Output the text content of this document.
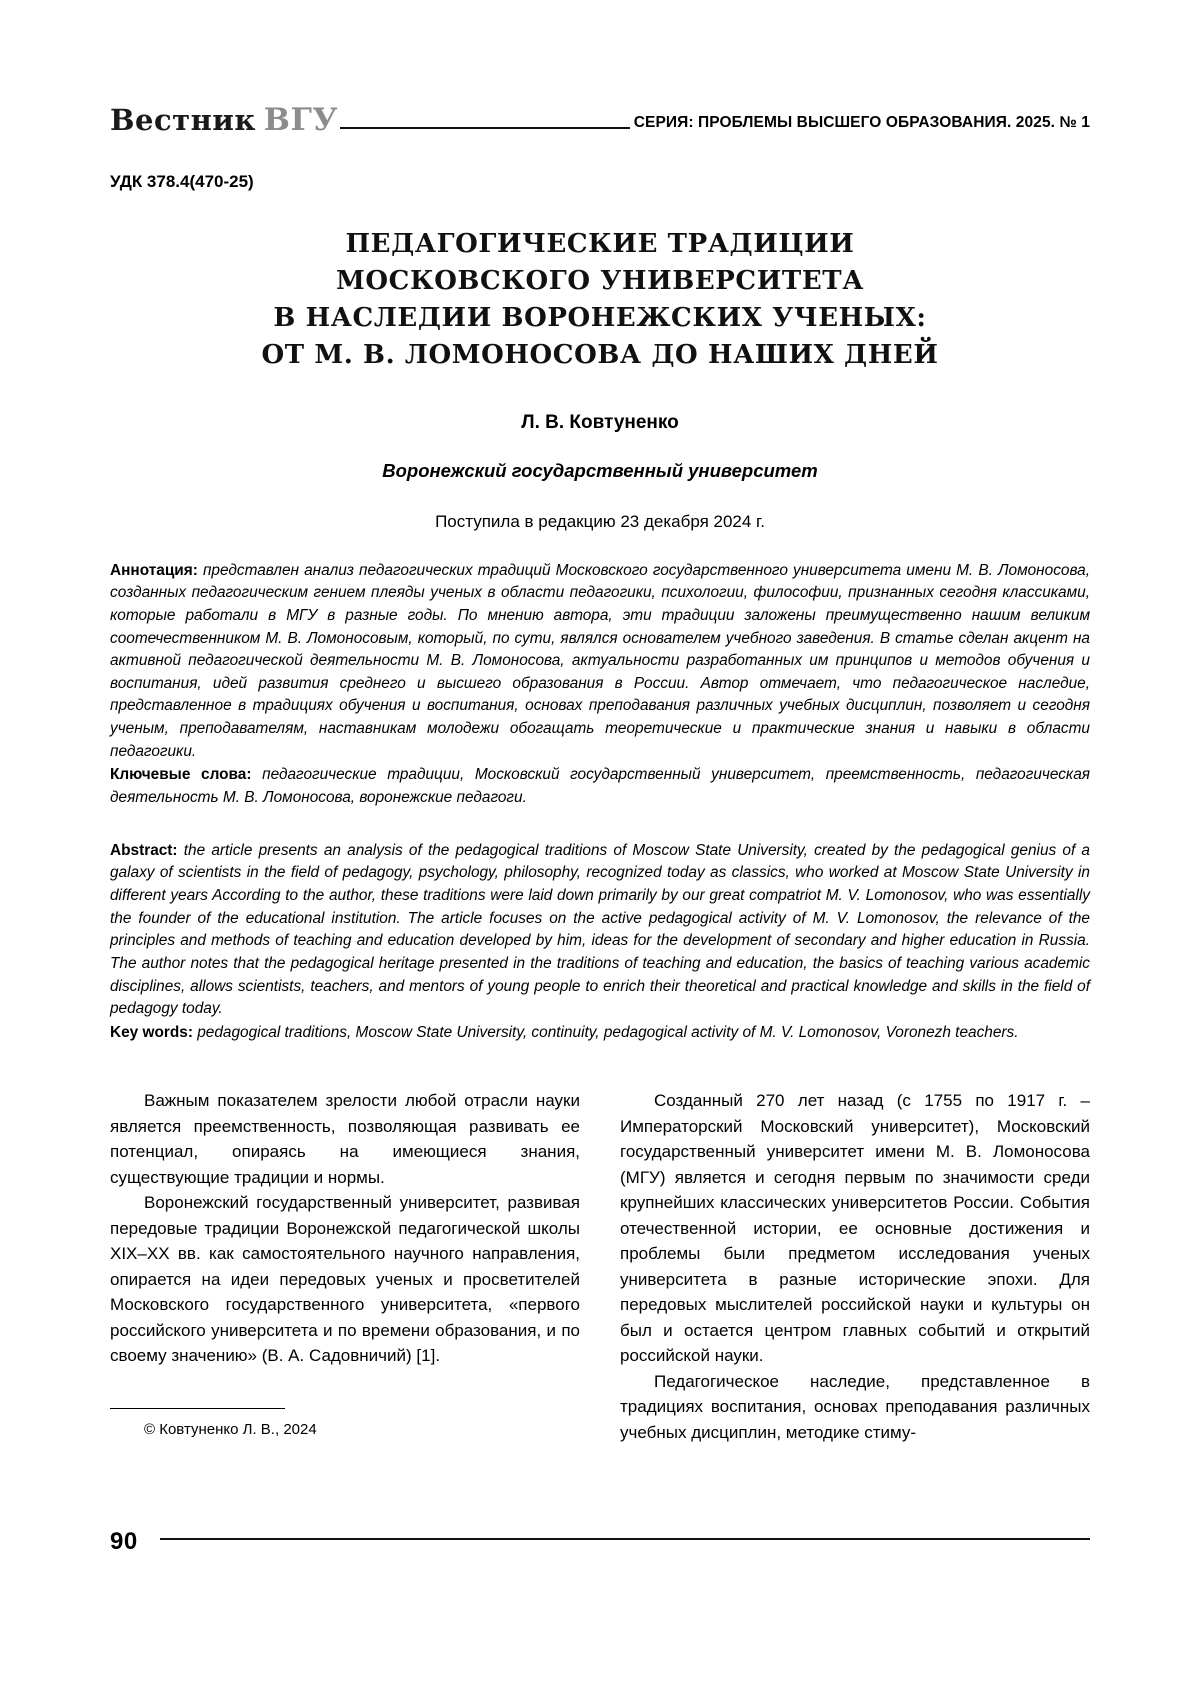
Вестник ВГУ	СЕРИЯ: ПРОБЛЕМЫ ВЫСШЕГО ОБРАЗОВАНИЯ. 2025. № 1
УДК 378.4(470-25)
ПЕДАГОГИЧЕСКИЕ ТРАДИЦИИ
МОСКОВСКОГО УНИВЕРСИТЕТА
В НАСЛЕДИИ ВОРОНЕЖСКИХ УЧЕНЫХ:
ОТ М. В. ЛОМОНОСОВА ДО НАШИХ ДНЕЙ
Л. В. Ковтуненко
Воронежский государственный университет
Поступила в редакцию 23 декабря 2024 г.
Аннотация: представлен анализ педагогических традиций Московского государственного университета имени М. В. Ломоносова, созданных педагогическим гением плеяды ученых в области педагогики, психологии, философии, признанных сегодня классиками, которые работали в МГУ в разные годы. По мнению автора, эти традиции заложены преимущественно нашим великим соотечественником М. В. Ломоносовым, который, по сути, являлся основателем учебного заведения. В статье сделан акцент на активной педагогической деятельности М. В. Ломоносова, актуальности разработанных им принципов и методов обучения и воспитания, идей развития среднего и высшего образования в России. Автор отмечает, что педагогическое наследие, представленное в традициях обучения и воспитания, основах преподавания различных учебных дисциплин, позволяет и сегодня ученым, преподавателям, наставникам молодежи обогащать теоретические и практические знания и навыки в области педагогики.
Ключевые слова: педагогические традиции, Московский государственный университет, преемственность, педагогическая деятельность М. В. Ломоносова, воронежские педагоги.
Abstract: the article presents an analysis of the pedagogical traditions of Moscow State University, created by the pedagogical genius of a galaxy of scientists in the field of pedagogy, psychology, philosophy, recognized today as classics, who worked at Moscow State University in different years According to the author, these traditions were laid down primarily by our great compatriot M. V. Lomonosov, who was essentially the founder of the educational institution. The article focuses on the active pedagogical activity of M. V. Lomonosov, the relevance of the principles and methods of teaching and education developed by him, ideas for the development of secondary and higher education in Russia. The author notes that the pedagogical heritage presented in the traditions of teaching and education, the basics of teaching various academic disciplines, allows scientists, teachers, and mentors of young people to enrich their theoretical and practical knowledge and skills in the field of pedagogy today.
Key words: pedagogical traditions, Moscow State University, continuity, pedagogical activity of M. V. Lomonosov, Voronezh teachers.

Важным показателем зрелости любой отрасли науки является преемственность, позволяющая развивать ее потенциал, опираясь на имеющиеся знания, существующие традиции и нормы.

Воронежский государственный университет, развивая передовые традиции Воронежской педагогической школы XIX–XX вв. как самостоятельного научного направления, опирается на идеи передовых ученых и просветителей Московского государственного университета, «первого российского университета и по времени образования, и по своему значению» (В. А. Садовничий) [1].

Созданный 270 лет назад (с 1755 по 1917 г. – Императорский Московский университет), Московский государственный университет имени М. В. Ломоносова (МГУ) является и сегодня первым по значимости среди крупнейших классических университетов России. События отечественной истории, ее основные достижения и проблемы были предметом исследования ученых университета в разные исторические эпохи. Для передовых мыслителей российской науки и культуры он был и остается центром главных событий и открытий российской науки.

Педагогическое наследие, представленное в традициях воспитания, основах преподавания различных учебных дисциплин, методике стиму-

© Ковтуненко Л. В., 2024
90
